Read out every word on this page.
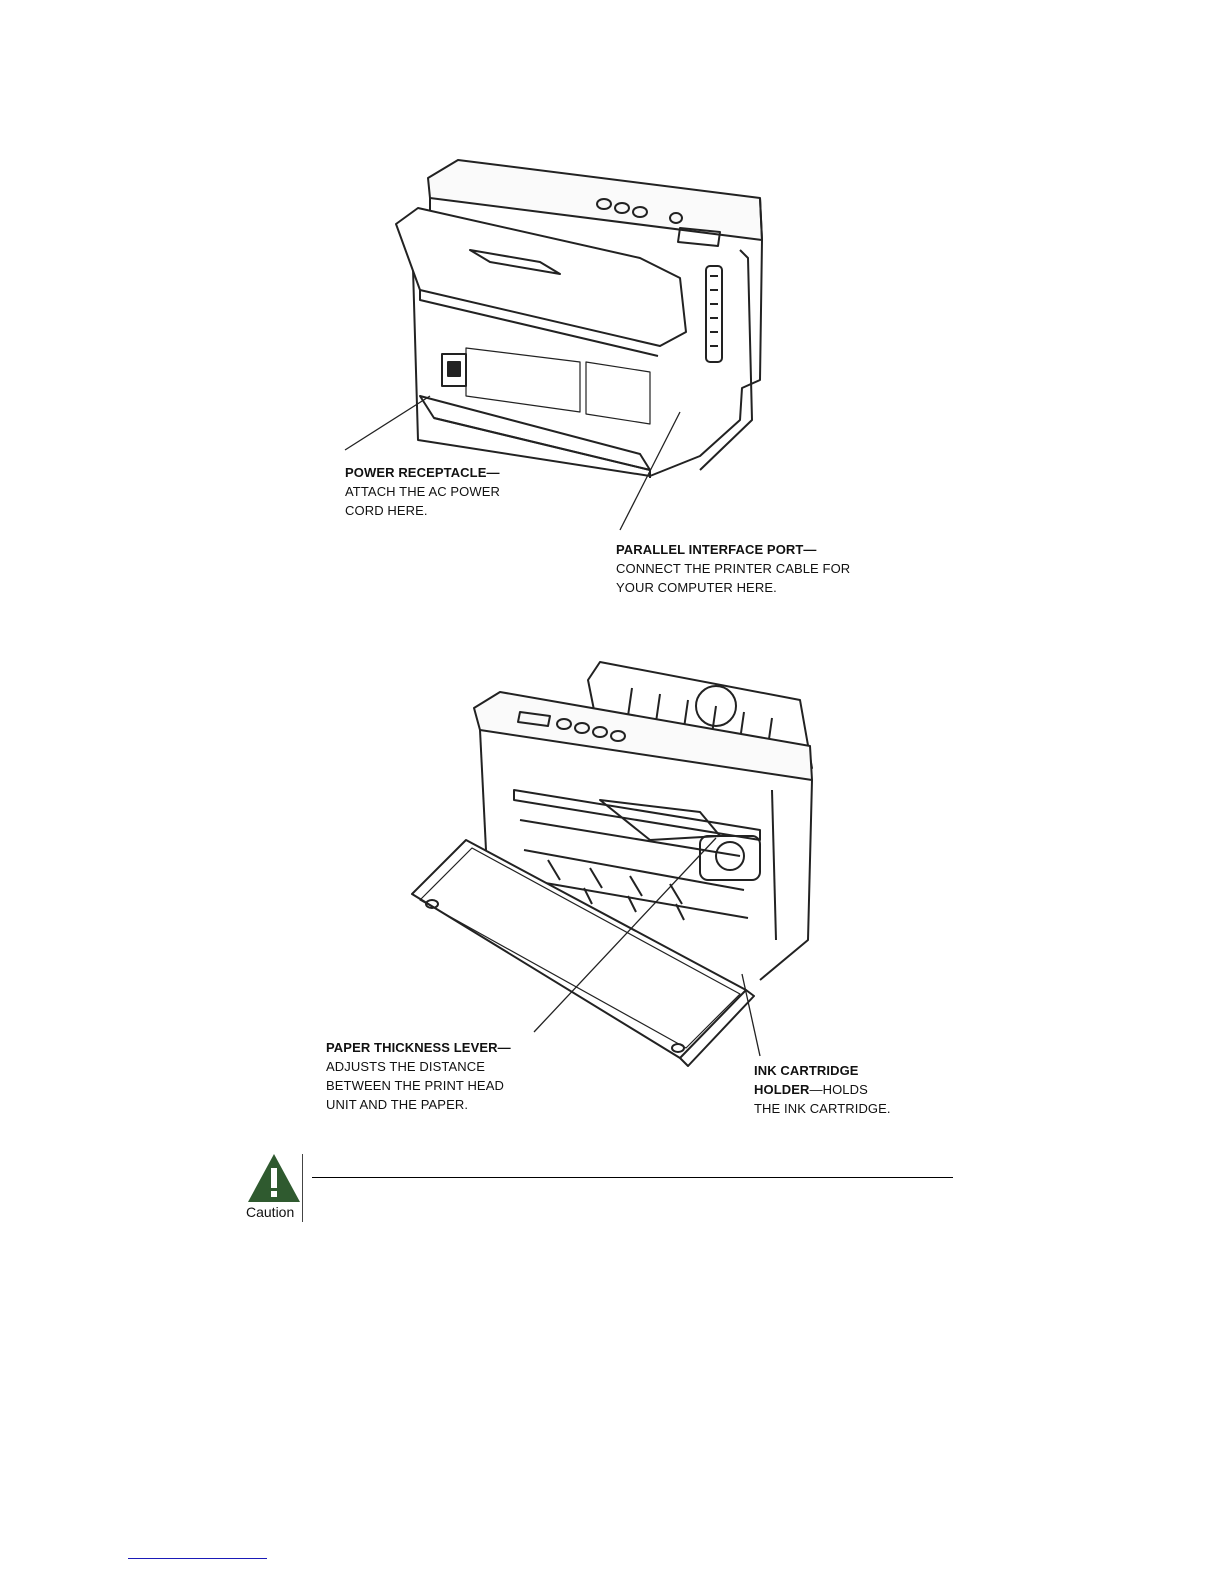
POWER RECEPTACLE—
ATTACH THE AC POWER
CORD HERE.
PARALLEL INTERFACE PORT—
CONNECT THE PRINTER CABLE FOR
YOUR COMPUTER HERE.
PAPER THICKNESS LEVER—
ADJUSTS THE DISTANCE
BETWEEN THE PRINT HEAD
UNIT AND THE PAPER.
INK CARTRIDGE
HOLDER—HOLDS
THE INK CARTRIDGE.
Caution
